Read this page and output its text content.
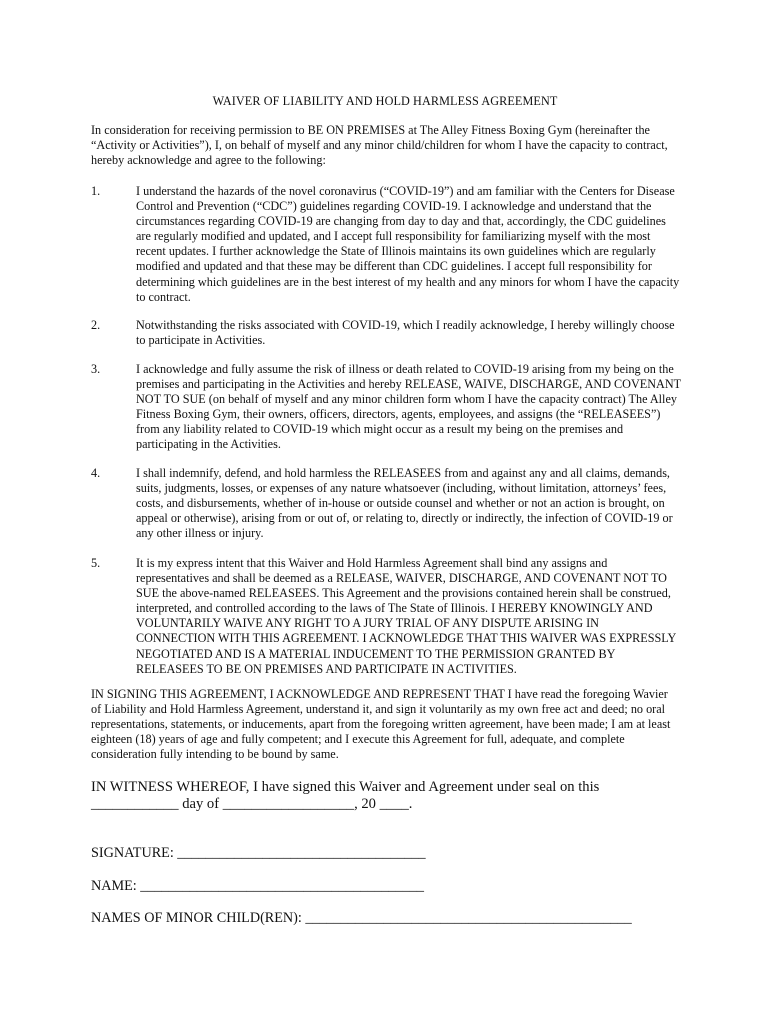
WAIVER OF LIABILITY AND HOLD HARMLESS AGREEMENT
In consideration for receiving permission to BE ON PREMISES at The Alley Fitness Boxing Gym (hereinafter the “Activity or Activities”), I, on behalf of myself and any minor child/children for whom I have the capacity to contract, hereby acknowledge and agree to the following:
1.	I understand the hazards of the novel coronavirus (“COVID-19”) and am familiar with the Centers for Disease Control and Prevention (“CDC”) guidelines regarding COVID-19. I acknowledge and understand that the circumstances regarding COVID-19 are changing from day to day and that, accordingly, the CDC guidelines are regularly modified and updated, and I accept full responsibility for familiarizing myself with the most recent updates. I further acknowledge the State of Illinois maintains its own guidelines which are regularly modified and updated and that these may be different than CDC guidelines. I accept full responsibility for determining which guidelines are in the best interest of my health and any minors for whom I have the capacity to contract.
2.	Notwithstanding the risks associated with COVID-19, which I readily acknowledge, I hereby willingly choose to participate in Activities.
3.	I acknowledge and fully assume the risk of illness or death related to COVID-19 arising from my being on the premises and participating in the Activities and hereby RELEASE, WAIVE, DISCHARGE, AND COVENANT NOT TO SUE (on behalf of myself and any minor children form whom I have the capacity contract) The Alley Fitness Boxing Gym, their owners, officers, directors, agents, employees, and assigns (the “RELEASEES”) from any liability related to COVID-19 which might occur as a result my being on the premises and participating in the Activities.
4.	I shall indemnify, defend, and hold harmless the RELEASEES from and against any and all claims, demands, suits, judgments, losses, or expenses of any nature whatsoever (including, without limitation, attorneys’ fees, costs, and disbursements, whether of in-house or outside counsel and whether or not an action is brought, on appeal or otherwise), arising from or out of, or relating to, directly or indirectly, the infection of COVID-19 or any other illness or injury.
5.	It is my express intent that this Waiver and Hold Harmless Agreement shall bind any assigns and representatives and shall be deemed as a RELEASE, WAIVER, DISCHARGE, AND COVENANT NOT TO SUE the above-named RELEASEES. This Agreement and the provisions contained herein shall be construed, interpreted, and controlled according to the laws of The State of Illinois. I HEREBY KNOWINGLY AND VOLUNTARILY WAIVE ANY RIGHT TO A JURY TRIAL OF ANY DISPUTE ARISING IN CONNECTION WITH THIS AGREEMENT. I ACKNOWLEDGE THAT THIS WAIVER WAS EXPRESSLY NEGOTIATED AND IS A MATERIAL INDUCEMENT TO THE PERMISSION GRANTED BY RELEASEES TO BE ON PREMISES AND PARTICIPATE IN ACTIVITIES.
IN SIGNING THIS AGREEMENT, I ACKNOWLEDGE AND REPRESENT THAT I have read the foregoing Wavier of Liability and Hold Harmless Agreement, understand it, and sign it voluntarily as my own free act and deed; no oral representations, statements, or inducements, apart from the foregoing written agreement, have been made; I am at least eighteen (18) years of age and fully competent; and I execute this Agreement for full, adequate, and complete consideration fully intending to be bound by same.
IN WITNESS WHEREOF, I have signed this Waiver and Agreement under seal on this ____________ day of __________________, 20 ____.
SIGNATURE: ___________________________________
NAME: ________________________________________
NAMES OF MINOR CHILD(REN): ______________________________________________
